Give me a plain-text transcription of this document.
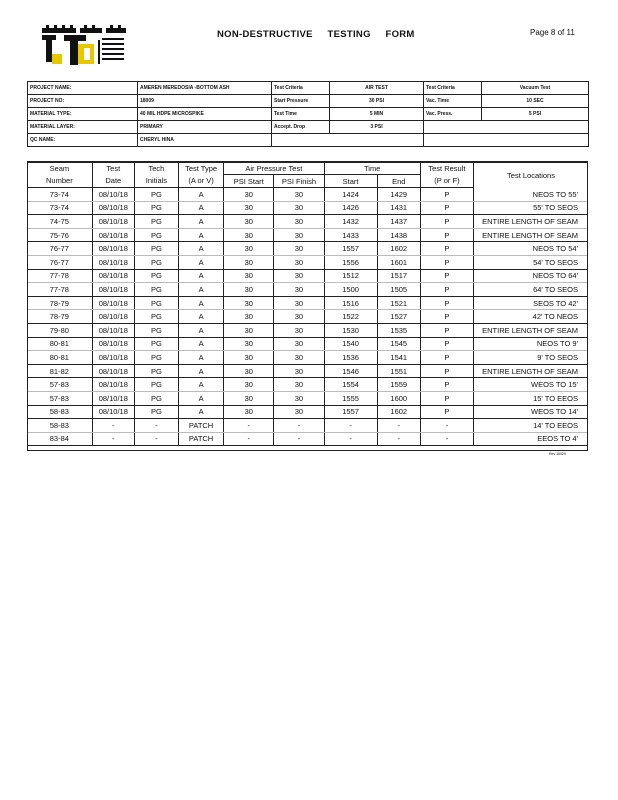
NON-DESTRUCTIVE     TESTING     FORM	Page 8 of 11
PROJECT NAME:	AMEREN MEREDOSIA -BOTTOM ASH	Test Criteria	AIR TEST	Test Criteria	Vacuum Test
PROJECT NO:	18009	Start Pressure	30 PSI	Vac. Time	10 SEC
MATERIAL TYPE:	40 MIL HDPE MICROSPIKE	Test Time	5 MIN	Vac. Press.	5 PSI
MATERIAL LAYER:	PRIMARY	Accept. Drop	3 PSI		
QC NAME:	CHERYL HINA				
Seam	Test	Tech	Test Type	Air Pressure Test		Time		Test Result	Test Locations
Number	Date	Initials	(A or V)	PSI Start	PSI Finish	Start	End	(P or F)	
73-74	08/10/18	PG	A	30	30	1424	1429	P	NEOS TO 55'
73-74	08/10/18	PG	A	30	30	1426	1431	P	55' TO SEOS
74-75	08/10/18	PG	A	30	30	1432	1437	P	ENTIRE LENGTH OF SEAM
75-76	08/10/18	PG	A	30	30	1433	1438	P	ENTIRE LENGTH OF SEAM
76-77	08/10/18	PG	A	30	30	1557	1602	P	NEOS TO 54'
76-77	08/10/18	PG	A	30	30	1556	1601	P	54' TO SEOS
77-78	08/10/18	PG	A	30	30	1512	1517	P	NEOS TO 64'
77-78	08/10/18	PG	A	30	30	1500	1505	P	64' TO SEOS
78-79	08/10/18	PG	A	30	30	1516	1521	P	SEOS TO 42'
78-79	08/10/18	PG	A	30	30	1522	1527	P	42' TO NEOS
79-80	08/10/18	PG	A	30	30	1530	1535	P	ENTIRE LENGTH OF SEAM
80-81	08/10/18	PG	A	30	30	1540	1545	P	NEOS TO 9'
80-81	08/10/18	PG	A	30	30	1536	1541	P	9' TO SEOS
81-82	08/10/18	PG	A	30	30	1546	1551	P	ENTIRE LENGTH OF SEAM
57-83	08/10/18	PG	A	30	30	1554	1559	P	WEOS TO 15'
57-83	08/10/18	PG	A	30	30	1555	1600	P	15' TO EEOS
58-83	08/10/18	PG	A	30	30	1557	1602	P	WEOS TO 14'
58-83	-	-	PATCH	-	-	-	-	-	14' TO EEOS
83-84	-	-	PATCH	-	-	-	-	-	EEOS TO 4'
Rev 16020
